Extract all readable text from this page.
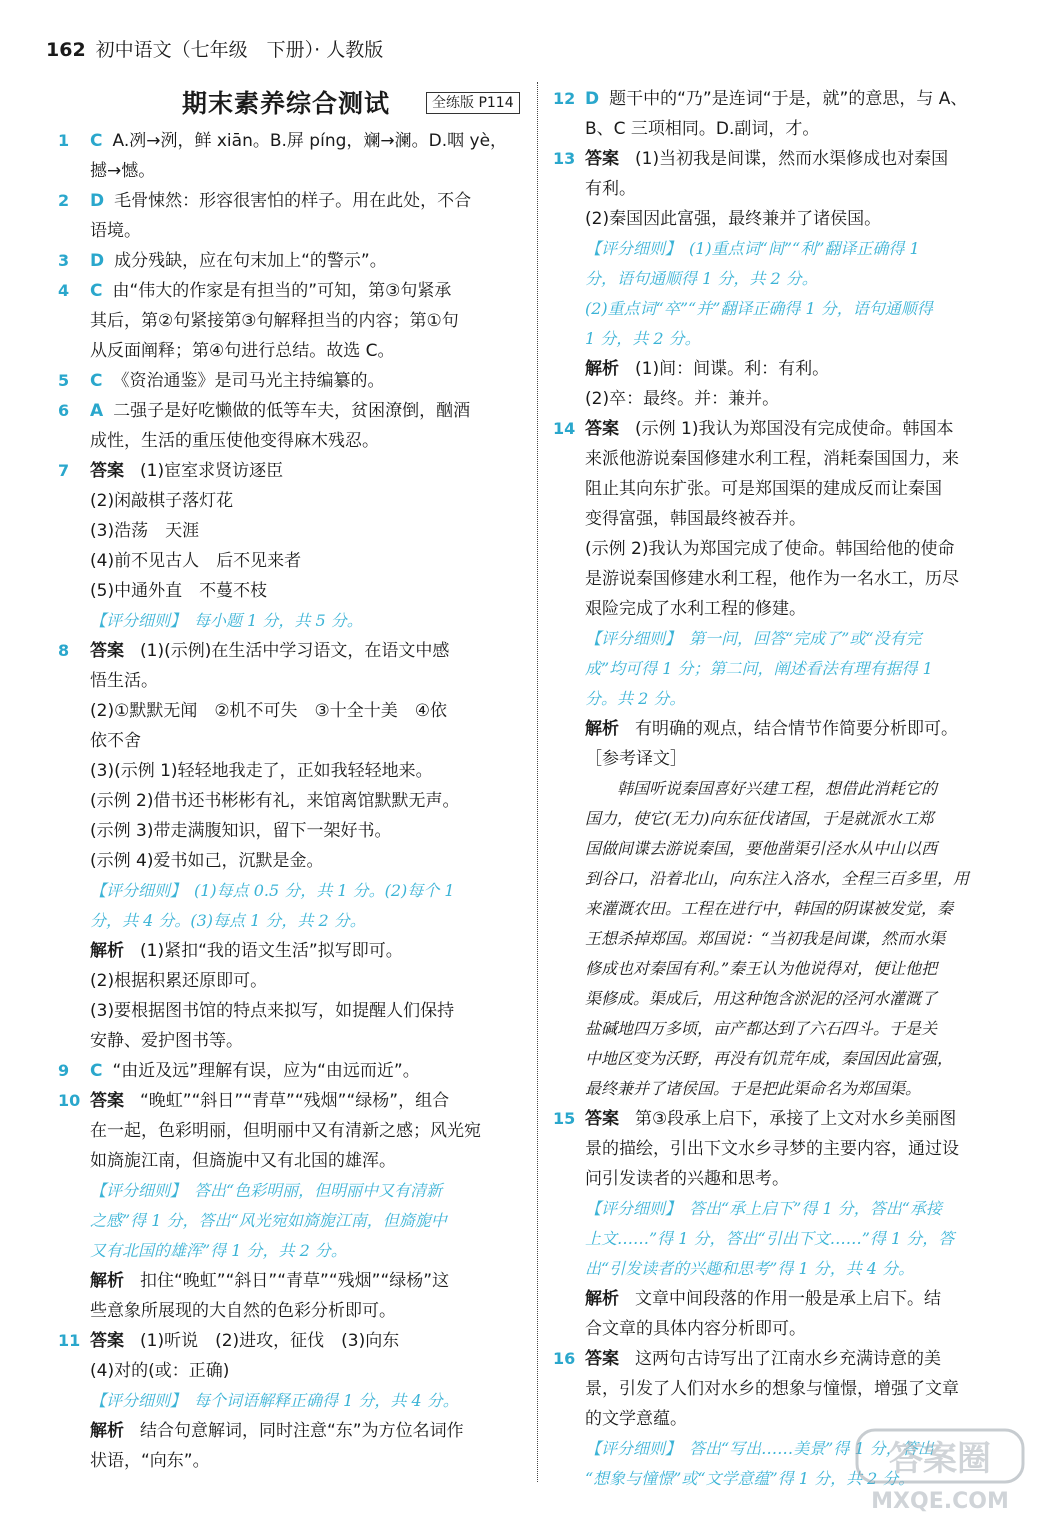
162 初中语文（七年级　下册）· 人教版
期末素养综合测试	全练版 P114
1 C A.冽→洌，鲜 xiān。B.屏 píng，斓→澜。D.咽 yè，
撼→憾。
2 D 毛骨悚然：形容很害怕的样子。用在此处，不合
语境。
3 D 成分残缺，应在句末加上“的警示”。
4 C 由“伟大的作家是有担当的”可知，第③句紧承
其后，第②句紧接第③句解释担当的内容；第①句
从反面阐释；第④句进行总结。故选 C。
5 C 《资治通鉴》是司马光主持编纂的。
6 A 二强子是好吃懒做的低等车夫，贫困潦倒，酗酒
成性，生活的重压使他变得麻木残忍。
7 答案 (1)宦室求贤访逐臣
(2)闲敲棋子落灯花
(3)浩荡　天涯
(4)前不见古人　后不见来者
(5)中通外直　不蔓不枝
【评分细则】　每小题 1 分，共 5 分。
8 答案 (1)(示例)在生活中学习语文，在语文中感
悟生活。
(2)①默默无闻　②机不可失　③十全十美　④依
依不舍
(3)(示例 1)轻轻地我走了，正如我轻轻地来。
(示例 2)借书还书彬彬有礼，来馆离馆默默无声。
(示例 3)带走满腹知识，留下一架好书。
(示例 4)爱书如己，沉默是金。
【评分细则】　(1)每点 0.5 分，共 1 分。(2)每个 1
分，共 4 分。(3)每点 1 分，共 2 分。
解析 (1)紧扣“我的语文生活”拟写即可。
(2)根据积累还原即可。
(3)要根据图书馆的特点来拟写，如提醒人们保持
安静、爱护图书等。
9 C “由近及远”理解有误，应为“由远而近”。
10 答案 “晚虹”“斜日”“青草”“残烟”“绿杨”，组合
在一起，色彩明丽，但明丽中又有清新之感；风光宛
如旖旎江南，但旖旎中又有北国的雄浑。
【评分细则】　答出“色彩明丽，但明丽中又有清新
之感”得 1 分，答出“风光宛如旖旎江南，但旖旎中
又有北国的雄浑”得 1 分，共 2 分。
解析 扣住“晚虹”“斜日”“青草”“残烟”“绿杨”这
些意象所展现的大自然的色彩分析即可。
11 答案 (1)听说　(2)进攻，征伐　(3)向东
(4)对的(或：正确)
【评分细则】　每个词语解释正确得 1 分，共 4 分。
解析 结合句意解词，同时注意“东”为方位名词作
状语，“向东”。
12 D 题干中的“乃”是连词“于是，就”的意思，与 A、
B、C 三项相同。D.副词，才。
13 答案 (1)当初我是间谍，然而水渠修成也对秦国
有利。
(2)秦国因此富强，最终兼并了诸侯国。
【评分细则】　(1)重点词“间”“利”翻译正确得 1
分，语句通顺得 1 分，共 2 分。
(2)重点词“卒”“并”翻译正确得 1 分，语句通顺得
1 分，共 2 分。
解析 (1)间：间谍。利：有利。
(2)卒：最终。并：兼并。
14 答案 (示例 1)我认为郑国没有完成使命。韩国本
来派他游说秦国修建水利工程，消耗秦国国力，来
阻止其向东扩张。可是郑国渠的建成反而让秦国
变得富强，韩国最终被吞并。
(示例 2)我认为郑国完成了使命。韩国给他的使命
是游说秦国修建水利工程，他作为一名水工，历尽
艰险完成了水利工程的修建。
【评分细则】　第一问，回答“完成了”或“没有完
成”均可得 1 分；第二问，阐述看法有理有据得 1
分。共 2 分。
解析 有明确的观点，结合情节作简要分析即可。
［参考译文］
韩国听说秦国喜好兴建工程，想借此消耗它的
国力，使它(无力)向东征伐诸国，于是就派水工郑
国做间谍去游说秦国，要他凿渠引泾水从中山以西
到谷口，沿着北山，向东注入洛水，全程三百多里，用
来灌溉农田。工程在进行中，韩国的阴谋被发觉，秦
王想杀掉郑国。郑国说：“当初我是间谍，然而水渠
修成也对秦国有利。”秦王认为他说得对，便让他把
渠修成。渠成后，用这种饱含淤泥的泾河水灌溉了
盐碱地四万多顷，亩产都达到了六石四斗。于是关
中地区变为沃野，再没有饥荒年成，秦国因此富强，
最终兼并了诸侯国。于是把此渠命名为郑国渠。
15 答案 第③段承上启下，承接了上文对水乡美丽图
景的描绘，引出下文水乡寻梦的主要内容，通过设
问引发读者的兴趣和思考。
【评分细则】　答出“承上启下”得 1 分，答出“承接
上文……”得 1 分，答出“引出下文……”得 1 分，答
出“引发读者的兴趣和思考”得 1 分，共 4 分。
解析 文章中间段落的作用一般是承上启下。结
合文章的具体内容分析即可。
16 答案 这两句古诗写出了江南水乡充满诗意的美
景，引发了人们对水乡的想象与憧憬，增强了文章
的文学意蕴。
【评分细则】　答出“写出……美景”得 1 分，答出
“想象与憧憬”或“文学意蕴”得 1 分，共 2 分。
答案圈
MXQE.COM
